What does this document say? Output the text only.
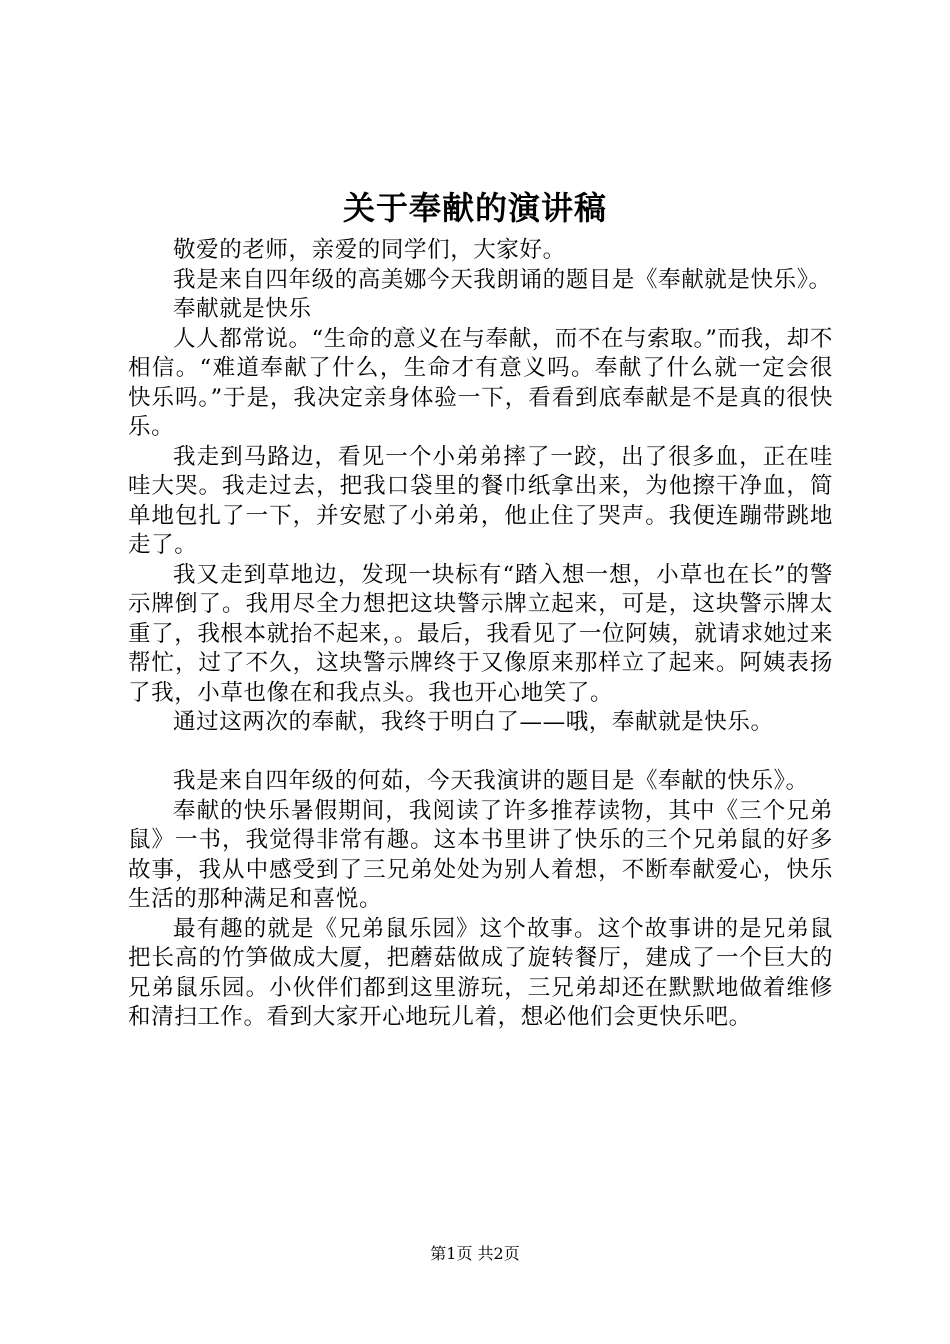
关于奉献的演讲稿

敬爱的老师，亲爱的同学们，大家好。

我是来自四年级的高美娜今天我朗诵的题目是《奉献就是快乐》。

奉献就是快乐

人人都常说。“生命的意义在与奉献，而不在与索取。”而我，却不相信。“难道奉献了什么，生命才有意义吗。奉献了什么就一定会很快乐吗。”于是，我决定亲身体验一下，看看到底奉献是不是真的很快乐。

我走到马路边，看见一个小弟弟摔了一跤，出了很多血，正在哇哇大哭。我走过去，把我口袋里的餐巾纸拿出来，为他擦干净血，简单地包扎了一下，并安慰了小弟弟，他止住了哭声。我便连蹦带跳地走了。

我又走到草地边，发现一块标有“踏入想一想，小草也在长”的警示牌倒了。我用尽全力想把这块警示牌立起来，可是，这块警示牌太重了，我根本就抬不起来，。最后，我看见了一位阿姨，就请求她过来帮忙，过了不久，这块警示牌终于又像原来那样立了起来。阿姨表扬了我，小草也像在和我点头。我也开心地笑了。

通过这两次的奉献，我终于明白了——哦，奉献就是快乐。

我是来自四年级的何茹，今天我演讲的题目是《奉献的快乐》。

奉献的快乐暑假期间，我阅读了许多推荐读物，其中《三个兄弟鼠》一书，我觉得非常有趣。这本书里讲了快乐的三个兄弟鼠的好多故事，我从中感受到了三兄弟处处为别人着想，不断奉献爱心，快乐生活的那种满足和喜悦。

最有趣的就是《兄弟鼠乐园》这个故事。这个故事讲的是兄弟鼠把长高的竹笋做成大厦，把蘑菇做成了旋转餐厅，建成了一个巨大的兄弟鼠乐园。小伙伴们都到这里游玩，三兄弟却还在默默地做着维修和清扫工作。看到大家开心地玩儿着，想必他们会更快乐吧。

第1页 共2页
